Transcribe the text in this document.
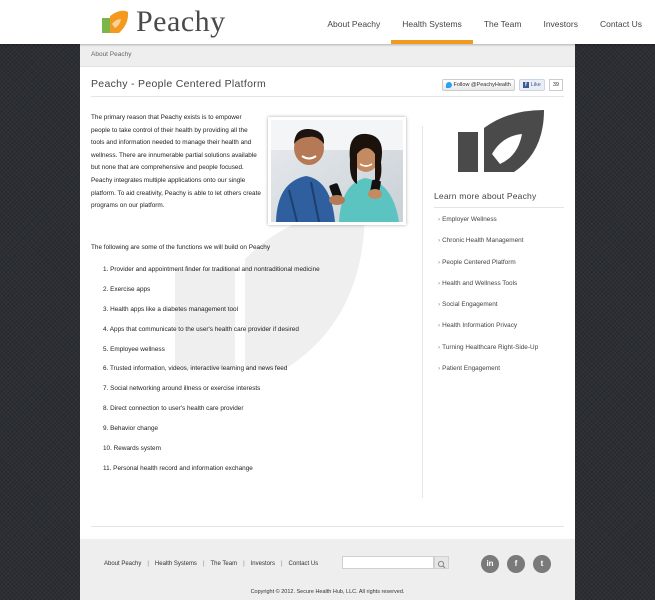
Peachy	About Peachy	Health Systems	The Team	Investors	Contact Us
About Peachy
Peachy - People Centered Platform	Follow @PeachyHealth	f Like	39
The primary reason that Peachy exists is to empower people to take control of their health by providing all the tools and information needed to manage their health and wellness. There are innumerable partial solutions available but none that are comprehensive and people focused. Peachy integrates multiple applications onto our single platform. To aid creativity, Peachy is able to let others create programs on our platform.
The following are some of the functions we will build on Peachy
1. Provider and appointment finder for traditional and nontraditional medicine
2. Exercise apps
3. Health apps like a diabetes management tool
4. Apps that communicate to the user's health care provider if desired
5. Employee wellness
6. Trusted information, videos, interactive learning and news feed
7. Social networking around illness or exercise interests
8. Direct connection to user's health care provider
9. Behavior change
10. Rewards system
11. Personal health record and information exchange
Learn more about Peachy
› Employer Wellness
› Chronic Health Management
› People Centered Platform
› Health and Wellness Tools
› Social Engagement
› Health Information Privacy
› Turning Healthcare Right-Side-Up
› Patient Engagement
About Peachy | Health Systems | The Team | Investors | Contact Us	in	f	t
Copyright © 2012. Secure Health Hub, LLC. All rights reserved.
